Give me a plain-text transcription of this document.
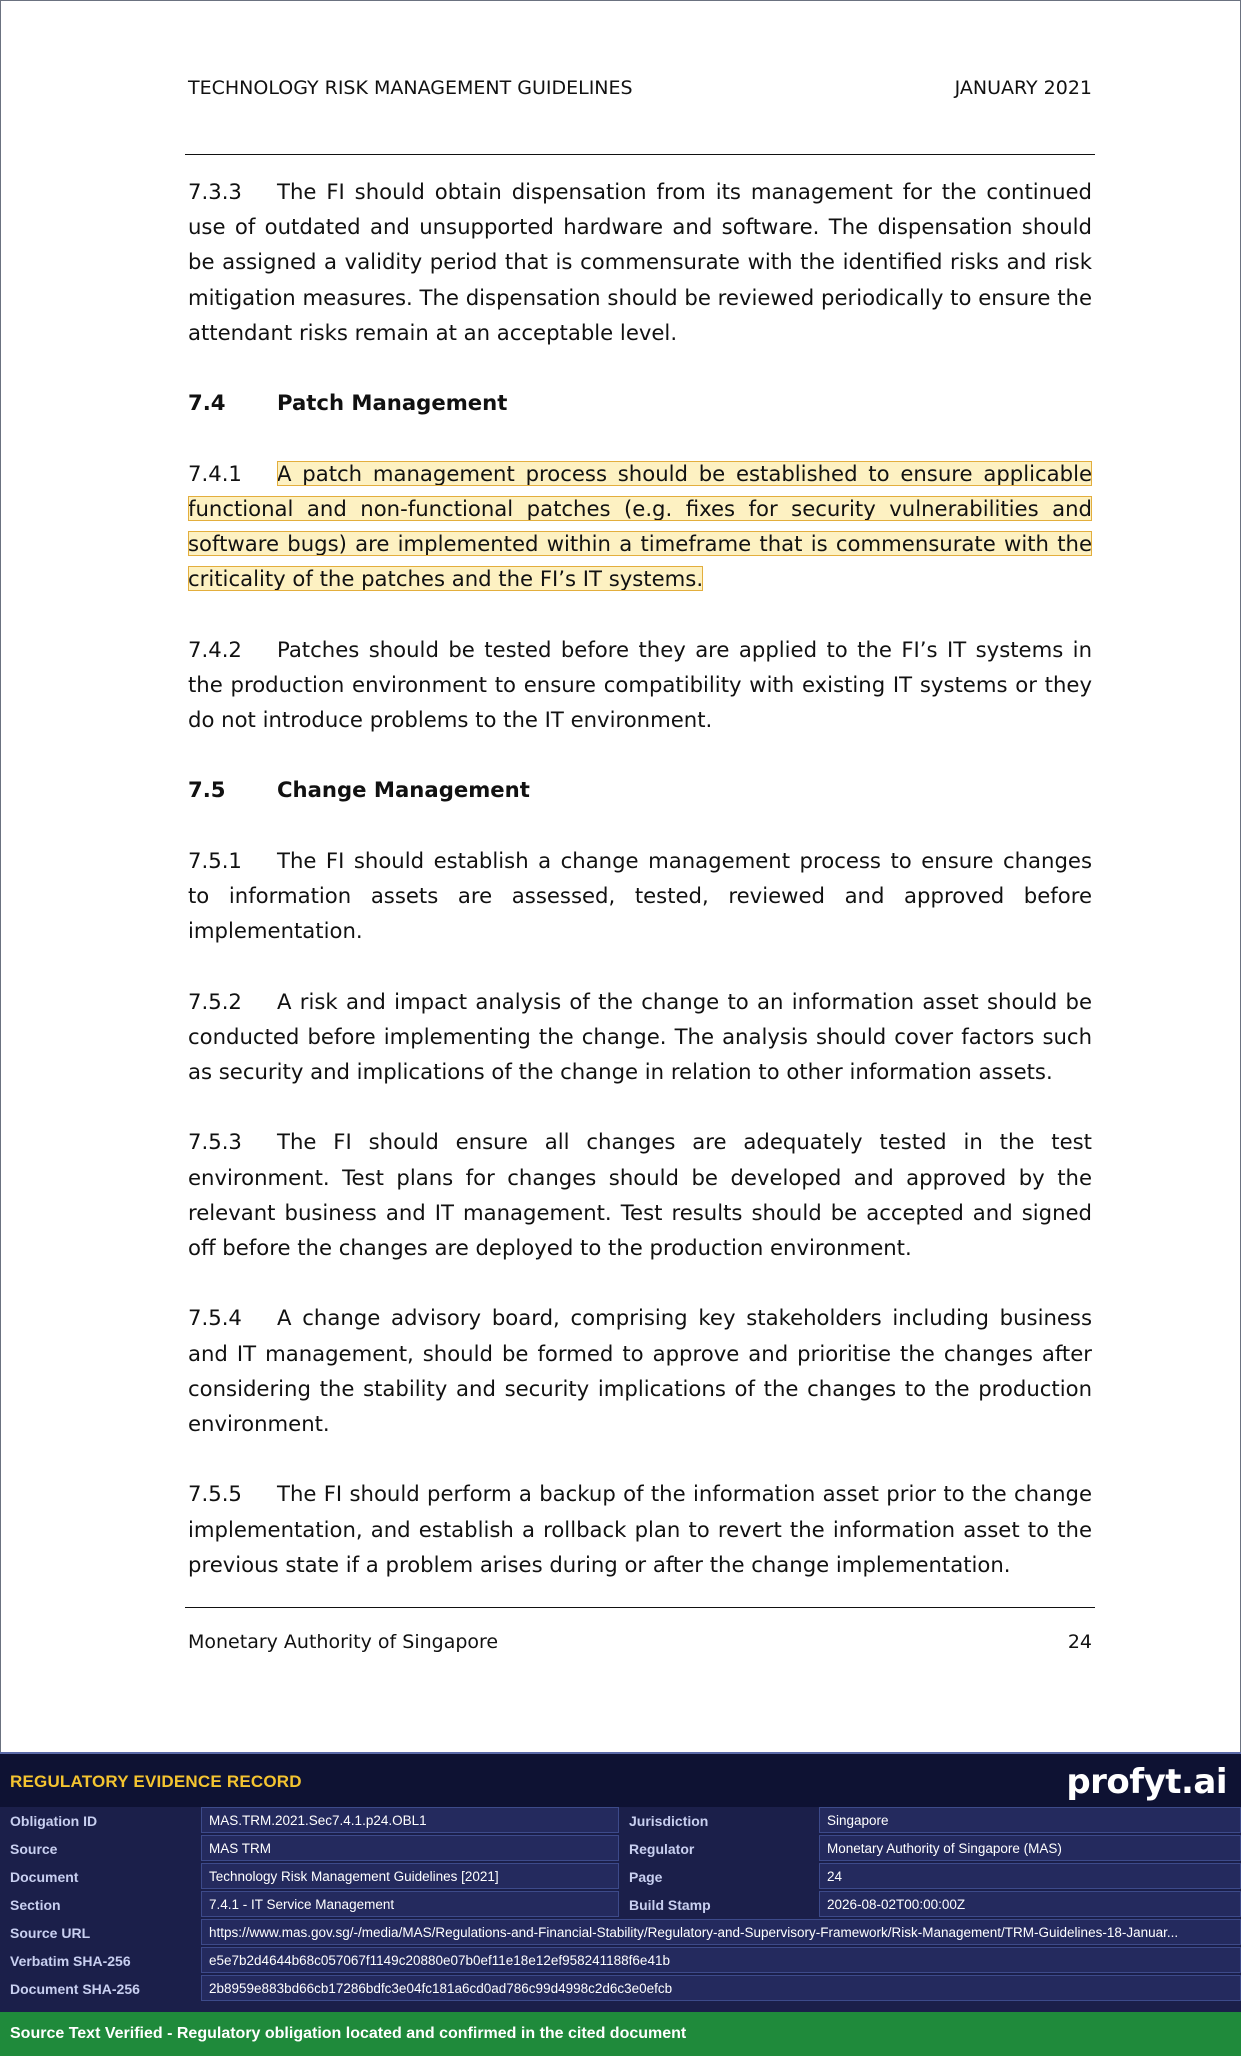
TECHNOLOGY RISK MANAGEMENT GUIDELINES	JANUARY 2021

7.3.3 The FI should obtain dispensation from its management for the continued use of outdated and unsupported hardware and software. The dispensation should be assigned a validity period that is commensurate with the identified risks and risk mitigation measures. The dispensation should be reviewed periodically to ensure the attendant risks remain at an acceptable level.

7.4 Patch Management

7.4.1 A patch management process should be established to ensure applicable functional and non-functional patches (e.g. fixes for security vulnerabilities and software bugs) are implemented within a timeframe that is commensurate with the criticality of the patches and the FI’s IT systems.

7.4.2 Patches should be tested before they are applied to the FI’s IT systems in the production environment to ensure compatibility with existing IT systems or they do not introduce problems to the IT environment.

7.5 Change Management

7.5.1 The FI should establish a change management process to ensure changes to information assets are assessed, tested, reviewed and approved before implementation.

7.5.2 A risk and impact analysis of the change to an information asset should be conducted before implementing the change. The analysis should cover factors such as security and implications of the change in relation to other information assets.

7.5.3 The FI should ensure all changes are adequately tested in the test environment. Test plans for changes should be developed and approved by the relevant business and IT management. Test results should be accepted and signed off before the changes are deployed to the production environment.

7.5.4 A change advisory board, comprising key stakeholders including business and IT management, should be formed to approve and prioritise the changes after considering the stability and security implications of the changes to the production environment.

7.5.5 The FI should perform a backup of the information asset prior to the change implementation, and establish a rollback plan to revert the information asset to the previous state if a problem arises during or after the change implementation.

Monetary Authority of Singapore	24
REGULATORY EVIDENCE RECORD	profyt.ai
Obligation ID	MAS.TRM.2021.Sec7.4.1.p24.OBL1	Jurisdiction	Singapore
Source	MAS TRM	Regulator	Monetary Authority of Singapore (MAS)
Document	Technology Risk Management Guidelines [2021]	Page	24
Section	7.4.1 - IT Service Management	Build Stamp	2026-08-02T00:00:00Z
Source URL	https://www.mas.gov.sg/-/media/MAS/Regulations-and-Financial-Stability/Regulatory-and-Supervisory-Framework/Risk-Management/TRM-Guidelines-18-Januar...
Verbatim SHA-256	e5e7b2d4644b68c057067f1149c20880e07b0ef11e18e12ef958241188f6e41b
Document SHA-256	2b8959e883bd66cb17286bdfc3e04fc181a6cd0ad786c99d4998c2d6c3e0efcb
Source Text Verified - Regulatory obligation located and confirmed in the cited document
